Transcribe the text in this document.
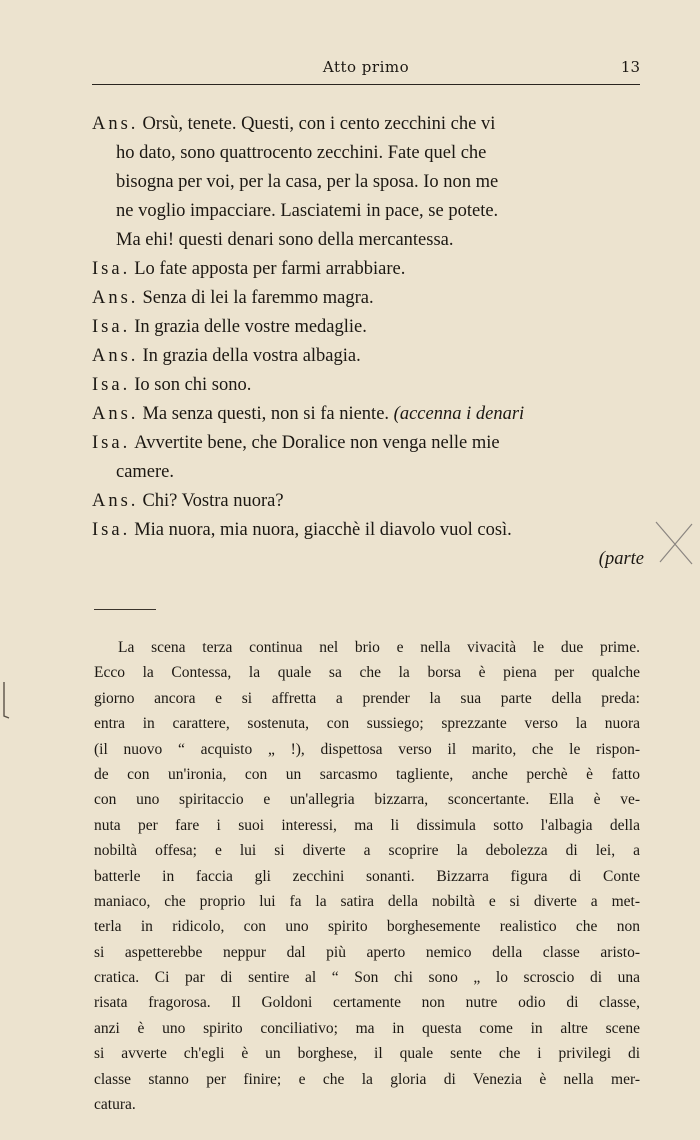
Atto primo	13
Ans. Orsù, tenete. Questi, con i cento zecchini che vi
ho dato, sono quattrocento zecchini. Fate quel che
bisogna per voi, per la casa, per la sposa. Io non me
ne voglio impacciare. Lasciatemi in pace, se potete.
Ma ehi! questi denari sono della mercantessa.
Isa. Lo fate apposta per farmi arrabbiare.
Ans. Senza di lei la faremmo magra.
Isa. In grazia delle vostre medaglie.
Ans. In grazia della vostra albagia.
Isa. Io son chi sono.
Ans. Ma senza questi, non si fa niente. (accenna i denari
Isa. Avvertite bene, che Doralice non venga nelle mie
camere.
Ans. Chi? Vostra nuora?
Isa. Mia nuora, mia nuora, giacchè il diavolo vuol così.
(parte
La scena terza continua nel brio e nella vivacità le due prime.
Ecco la Contessa, la quale sa che la borsa è piena per qualche
giorno ancora e si affretta a prender la sua parte della preda:
entra in carattere, sostenuta, con sussiego; sprezzante verso la nuora
(il nuovo “ acquisto „ !), dispettosa verso il marito, che le rispon-
de con un'ironia, con un sarcasmo tagliente, anche perchè è fatto
con uno spiritaccio e un'allegria bizzarra, sconcertante. Ella è ve-
nuta per fare i suoi interessi, ma li dissimula sotto l'albagia della
nobiltà offesa; e lui si diverte a scoprire la debolezza di lei, a
batterle in faccia gli zecchini sonanti. Bizzarra figura di Conte
maniaco, che proprio lui fa la satira della nobiltà e si diverte a met-
terla in ridicolo, con uno spirito borghesemente realistico che non
si aspetterebbe neppur dal più aperto nemico della classe aristo-
cratica. Ci par di sentire al “ Son chi sono „ lo scroscio di una
risata fragorosa. Il Goldoni certamente non nutre odio di classe,
anzi è uno spirito conciliativo; ma in questa come in altre scene
si avverte ch'egli è un borghese, il quale sente che i privilegi di
classe stanno per finire; e che la gloria di Venezia è nella mer-
catura.
